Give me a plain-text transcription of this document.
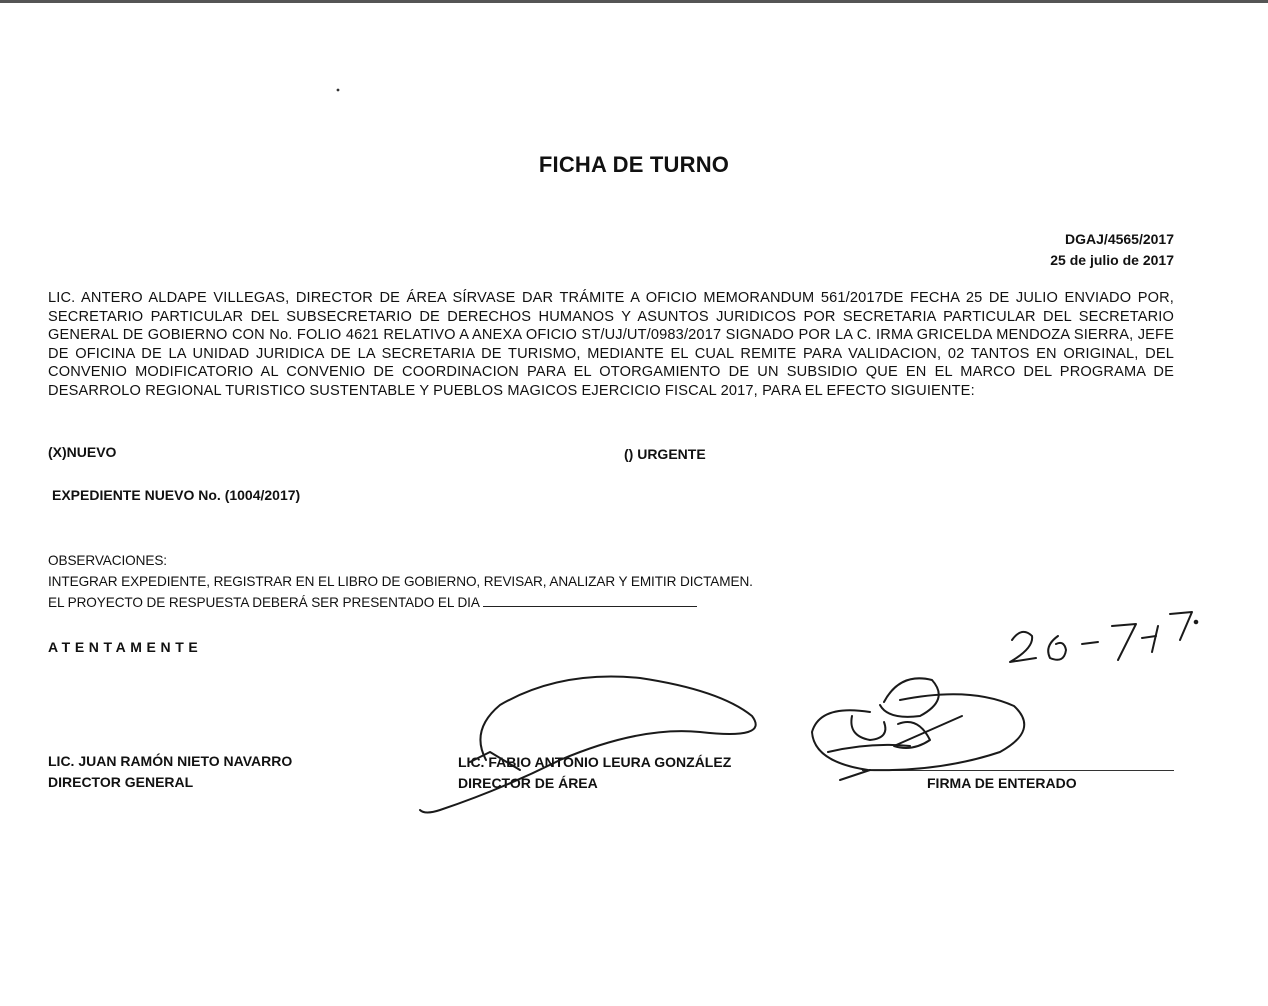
FICHA DE TURNO
DGAJ/4565/2017
25 de julio de 2017
LIC. ANTERO ALDAPE VILLEGAS, DIRECTOR DE ÁREA SÍRVASE DAR TRÁMITE A OFICIO MEMORANDUM 561/2017DE FECHA 25 DE JULIO ENVIADO POR, SECRETARIO PARTICULAR DEL SUBSECRETARIO DE DERECHOS HUMANOS Y ASUNTOS JURIDICOS POR SECRETARIA PARTICULAR DEL SECRETARIO GENERAL DE GOBIERNO CON No. FOLIO 4621 RELATIVO A ANEXA OFICIO ST/UJ/UT/0983/2017 SIGNADO POR LA C. IRMA GRICELDA MENDOZA SIERRA, JEFE DE OFICINA DE LA UNIDAD JURIDICA DE LA SECRETARIA DE TURISMO, MEDIANTE EL CUAL REMITE PARA VALIDACION, 02 TANTOS EN ORIGINAL, DEL CONVENIO MODIFICATORIO AL CONVENIO DE COORDINACION PARA EL OTORGAMIENTO DE UN SUBSIDIO QUE EN EL MARCO DEL PROGRAMA DE DESARROLO REGIONAL TURISTICO SUSTENTABLE Y PUEBLOS MAGICOS EJERCICIO FISCAL 2017, PARA EL EFECTO SIGUIENTE:
(X)NUEVO	() URGENTE
EXPEDIENTE NUEVO No. (1004/2017)
OBSERVACIONES:
INTEGRAR EXPEDIENTE, REGISTRAR EN EL LIBRO DE GOBIERNO, REVISAR, ANALIZAR Y EMITIR DICTAMEN.
EL PROYECTO DE RESPUESTA DEBERÁ SER PRESENTADO EL DIA
ATENTAMENTE
LIC. JUAN RAMÓN NIETO NAVARRO
DIRECTOR GENERAL
LIC. FABIO ANTONIO LEURA GONZÁLEZ
DIRECTOR DE ÁREA	FIRMA DE ENTERADO
